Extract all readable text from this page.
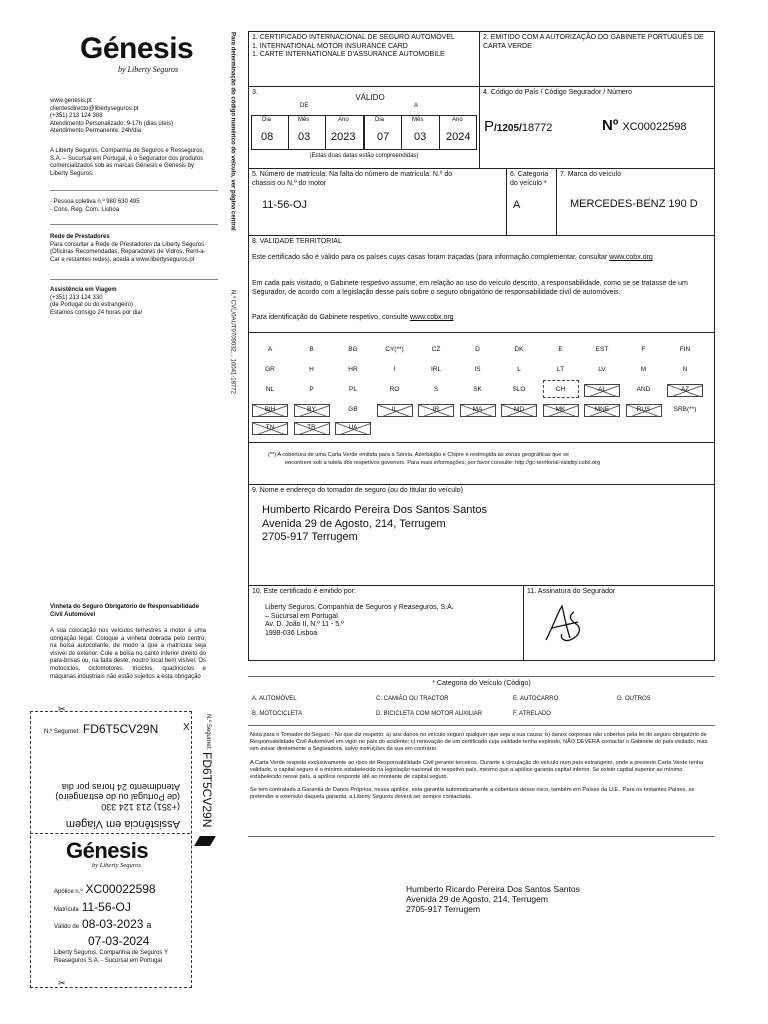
Génesis
by Liberty Seguros
www.genesis.pt
clientesdirecto@libertyseguros.pt
(+351) 213 124 388
Atendimento Personalizado: 9-17h (dias úteis)
Atendimento Permanente: 24h/dia
A Liberty Seguros, Companhia de Seguros e Resseguros, S.A. – Sucursal em Portugal, é o Segurador dos produtos comercializados sob as marcas Génesis e Génesis by Liberty Seguros.
- Pessoa coletiva n.º 980 630 495
- Cons. Reg. Com. Lisboa
Rede de Prestadores
Para consultar a Rede de Prestadores da Liberty Seguros (Oficinas Recomendadas, Reparadores de Vidros, Rent-a-Car e restantes redes), aceda a www.libertyseguros.pt
Assistência em Viagem
(+351) 213 124 330
(de Portugal ou do estrangeiro)
Estamos consigo 24 horas por dia!
Para determinação do código numérico do veículo, ver página central
N.º CVL/0AUT0709032... 10041-18772
Vinheta do Seguro Obrigatório de Responsabilidade Civil Automóvel
A sua colocação nos veículos terrestres a motor é uma obrigação legal. Coloque a vinheta dobrada pelo centro, na bolsa autocolante, de modo a que a matrícula seja visível do exterior. Cole a bolsa no canto inferior direito do para-brisas ou, na falta deste, noutro local bem visível. Os motociclos, ciclomotores, triciclos, quadriciclos e máquinas industriais não estão sujeitos a esta obrigação
✂
✂
N.º Segurnet: FD6T5CV29N X
Assistência em Viagem
(+351) 213 124 330
(de Portugal ou do estrangeiro)
Atendimento 24 horas por dia
Génesis
by Liberty Seguros
Apólice n.º XC00022598
Matrícula 11-56-OJ
Válido de 08-03-2023 a
07-03-2024
Liberty Seguros, Companhia de Seguros Y Reaseguros S.A. - Sucursal em Portugal
N.º Segurnet:
FD6T5CV29N
1. CERTIFICADO INTERNACIONAL DE SEGURO AUTOMÓVEL
1. INTERNATIONAL MOTOR INSURANCE CARD
1. CARTE INTERNATIONALE D'ASSURANCE AUTOMOBILE
2. EMITIDO COM A AUTORIZAÇÃO DO GABINETE PORTUGUÊS DE CARTA VERDE
3.
VÁLIDO
DE	A
Dia	Mês	Ano	Dia	Mês	Ano
08 03 2023 07 03 2024
(Estas duas datas estão compreendidas)
4. Código do País / Código Segurador / Número
P /1205/ 18772	Nº XC00022598
5. Número de matrícula: Na falta do número de matrícula: N.º do chassis ou N.º do motor
11-56-OJ
6. Categoria do veículo *
A
7. Marca do veículo
MERCEDES-BENZ 190 D
8. VALIDADE TERRITORIAL
Este certificado são é válido para os países cujas casas foram traçadas (para informação complementar, consultar www.cobx.org
Em cada país visitado, o Gabinete respetivo assume, em relação ao uso do veículo descrito, a responsabilidade, como se se tratasse de um Segurador, de acordo com a legislação desse país sobre o seguro obrigatório de responsabilidade civil de automóveis.
Para identificação do Gabinete respetivo, consulte www.cobx.org
A	B	BG	CY(**)	CZ	D	DK	E	EST	F	FIN
GR	H	HR	I	IRL	IS	L	LT	LV	M	N
NL	P	PL	RO	S	SK	SLO	CH	AL	AND	AZ
BIH	BY	GB	IL	IR	MA	MD	MK	MNE	RUS	SRB(**)
TN	TR	UA
(**) A cobertura de uma Carta Verde emitida para a Sérvia, Azerbaijão e Chipre é restringida às zonas geográficas que se
encontrem sob a tutela dos respetivos governos. Para mais informações, por favor consulte: http://gc-territorial-validity.cobx.org
9. Nome e endereço do tomador de seguro (ou do titular do veículo)
Humberto Ricardo Pereira Dos Santos Santos
Avenida 29 de Agosto, 214, Terrugem
2705-917 Terrugem
10. Este certificado é emitido por:
Liberty Seguros, Companhia de Seguros y Reaseguros, S.A.
– Sucursal em Portugal
Av. D. João II, N.º 11 - 5.º
1998-036 Lisboa
11. Assinatura do Segurador
* Categoria do Veículo (Código)
A. AUTOMÓVEL	C. CAMIÃO OU TRACTOR	E. AUTOCARRO	G. OUTROS
B. MOTOCICLETA	D. BICICLETA COM MOTOR AUXILIAR	F. ATRELADO
Nota para o Tomador do Seguro - No que diz respeito: a) aos danos no veículo seguro qualquer que seja a sua causa; b) danos corporais não cobertos pela lei do seguro obrigatório de Responsabilidade Civil Automóvel em vigor no país do acidente; c) renovação de um certificado cuja validade tenha expirado, NÃO DEVERÁ contactar o Gabinete do país visitado, mas sim avisar diretamente a Seguradora, salvo instruções da sua em contrário.
A Carta Verde respeita exclusivamente ao risco de Responsabilidade Civil perante terceiros. Durante a circulação do veículo num país estrangeiro, onde a presente Carta Verde tenha validade, o capital seguro é o mínimo estabelecido na legislação nacional do respetivo país, mesmo que a apólice garanta capital inferior. Se existir capital superior ao mínimo estabelecido nesse país, a apólice responde até ao montante de capital seguro.
Se tem contratada a Garantia de Danos Próprios, nessa apólice, esta garantia automaticamente a cobertura desse risco, também em Países da U.E.. Para os restantes Países, se pretender a extensão daquela garantia, a Liberty Seguros deverá ser sempre contactada.
Humberto Ricardo Pereira Dos Santos Santos
Avenida 29 de Agosto, 214, Terrugem
2705-917 Terrugem
